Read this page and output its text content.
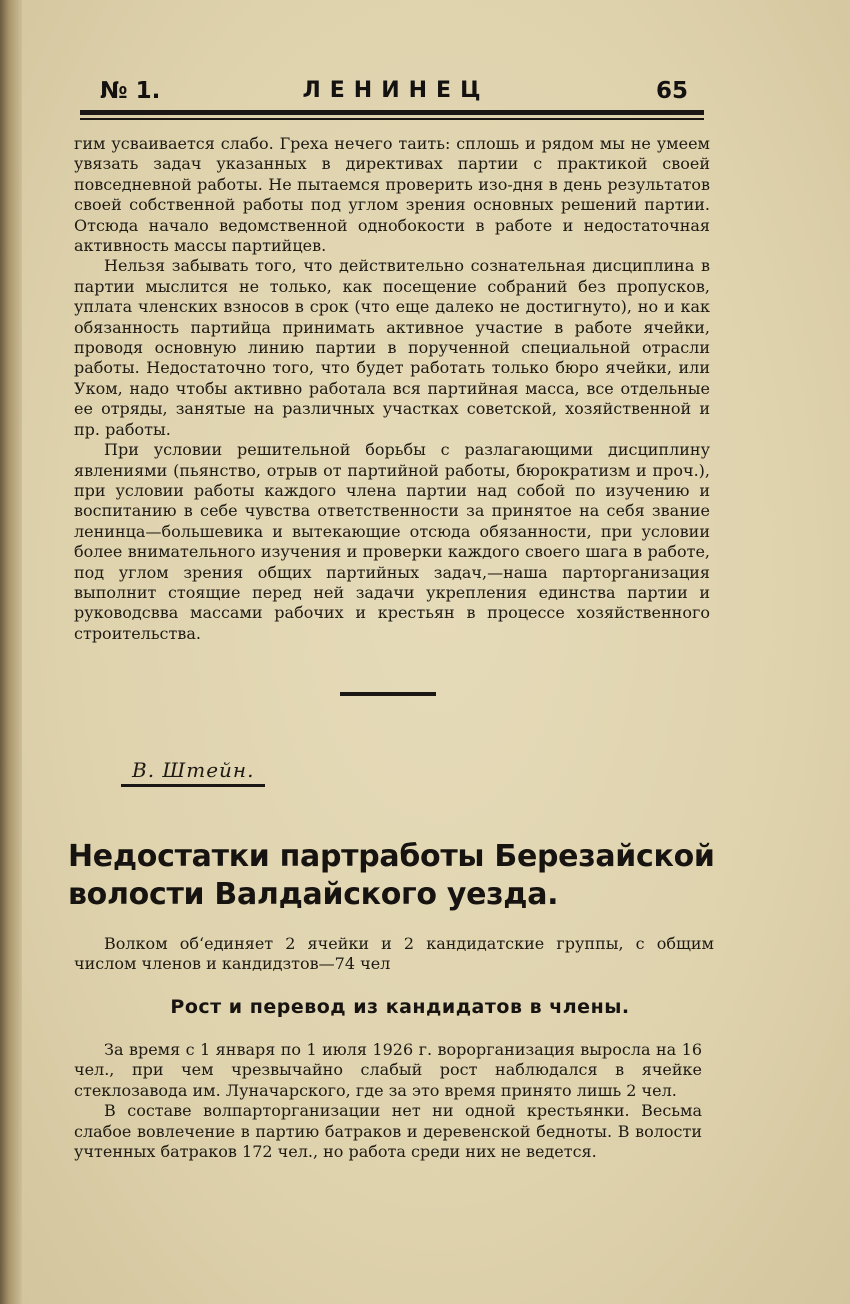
№ 1.	ЛЕНИНЕЦ	65

гим усваивается слабо. Греха нечего таить: сплошь и рядом мы не умеем увязать задач указанных в директивах партии с практикой своей повседневной работы. Не пытаемся проверить изо-дня в день результатов своей собственной работы под углом зрения основных решений партии. Отсюда начало ведомственной однобокости в работе и недостаточная активность массы партийцев.

Нельзя забывать того, что действительно сознательная дисциплина в партии мыслится не только, как посещение собраний без пропусков, уплата членских взносов в срок (что еще далеко не достигнуто), но и как обязанность партийца принимать активное участие в работе ячейки, проводя основную линию партии в порученной специальной отрасли работы. Недостаточно того, что будет работать только бюро ячейки, или Уком, надо чтобы активно работала вся партийная масса, все отдельные ее отряды, занятые на различных участках советской, хозяйственной и пр. работы.

При условии решительной борьбы с разлагающими дисциплину явлениями (пьянство, отрыв от партийной работы, бюрократизм и проч.), при условии работы каждого члена партии над собой по изучению и воспитанию в себе чувства ответственности за принятое на себя звание ленинца—большевика и вытекающие отсюда обязанности, при условии более внимательного изучения и проверки каждого своего шага в работе, под углом зрения общих партийных задач,—наша парторганизация выполнит стоящие перед ней задачи укрепления единства партии и руководсвва массами рабочих и крестьян в процессе хозяйственного строительства.

В. Штейн.
Недостатки партработы Березайской волости Валдайского уезда.

Волком об‘единяет 2 ячейки и 2 кандидатские группы, с общим числом членов и кандидзтов—74 чел

Рост и перевод из кандидатов в члены.

За время с 1 января по 1 июля 1926 г. ворорганизация выросла на 16 чел., при чем чрезвычайно слабый рост наблюдался в ячейке стеклозавода им. Луначарского, где за это время принято лишь 2 чел.

В составе волпарторганизации нет ни одной крестьянки. Весьма слабое вовлечение в партию батраков и деревенской бедноты. В волости учтенных батраков 172 чел., но работа среди них не ведется.
